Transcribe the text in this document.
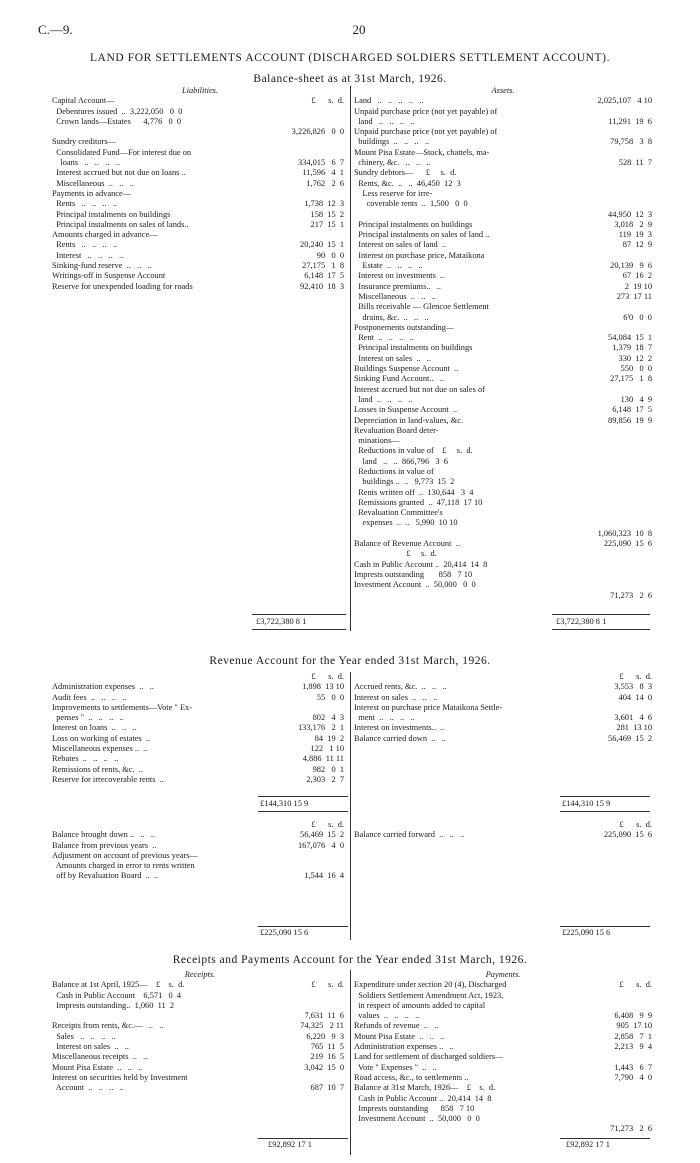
C.—9.	20
LAND FOR SETTLEMENTS ACCOUNT (DISCHARGED SOLDIERS SETTLEMENT ACCOUNT).
Balance-sheet as at 31st March, 1926.
Liabilities.
Capital Account—	£      s.  d.
Debentures issued  ..  3,222,050   0  0
Crown lands—Estates      4,776   0  0
3,226,826   0  0
Sundry creditors—
Consolidated Fund—For interest due on
loans   ..   ..   ..   ..	334,015   6  7
Interest accrued but not due on loans ..	11,596   4  1
Miscellaneous  ..   ..   ..	1,762   2  6
Payments in advance—
Rents   ..   ..   ..   ..	1,738  12  3
Principal instalments on buildings	158  15  2
Principal instalments on sales of lands..	217  15  1
Amounts charged in advance—
Rents   ..   ..   ..   ..	20,240  15  1
Interest   ..   ..   ..   ..	90   0  0
Sinking-fund reserve  ..   ..   ..	27,175   1  8
Writings-off in Suspense Account	6,148  17  5
Reserve for unexpended loading for roads	92,410  18  3
Assets.
Land   ..   ..   ..   ..   ..	2,025,107   4 10
Unpaid purchase price (not yet payable) of
land   ..   ..   ..   ..	11,291  19  6
Unpaid purchase price (not yet payable) of
buildings  ..   ..   ..   ..	79,758   3  8
Mount Pisa Estate—Stock, chattels, ma-
chinery, &c.   ..   ..   ..	528  11  7
Sundry debtors—      £     s.  d.
Rents, &c.  ..   ..  46,450  12  3
Less reserve for irre-
coverable rents  ..  1,500   0  0
44,950  12  3
Principal instalments on buildings	3,018   2  9
Principal instalments on sales of land ..	119  19  3
Interest on sales of land  ..	87  12  9
Interest on purchase price, Mataikona
Estate  ..   ..   ..   ..	20,139   9  6
Interest on investments  ..	67  16  2
Insurance premiums..   ..	2  19 10
Miscellaneous  ..   ..   ..	273  17 11
Bills receivable — Glencoe Settlement
drains, &c.  ..   ..   ..	6'0   0  0
Postponements outstanding—
Rent  ..   ..   ..   ..	54,084  15  1
Principal instalments on buildings	1,379  18  7
Interest on sales  ..   ..	330  12  2
Buildings Suspense Account  ..	550   0  0
Sinking Fund Account..   ..	27,175   1  8
Interest accrued but not due on sales of
land  ..   ..   ..   ..	130   4  9
Losses in Suspense Account  ..	6,148  17  5
Depreciation in land-values, &c.	89,856  19  9
Revaluation Board deter-
minations—
Reductions in value of    £     s.  d.
land   ..   ..  866,796   3  6
Reductions in value of
buildings ..  ..   9,773  15  2
Rents written off  ..  130,644   3  4
Remissions granted  ..  47,118  17 10
Revaluation Committee's
expenses  ..  ..   5,990  10 10
1,060,323  10  8
Balance of Revenue Account  ..	225,090  15  6
£     s.  d.
Cash in Public Account ..  20,414  14  8
Imprests outstanding       858   7 10
Investment Account  ..  50,000   0  0
71,273   2  6
£3,722,380 8 1	£3,722,380 8 1
Revenue Account for the Year ended 31st March, 1926.
£      s.  d.
Administration expenses  ..   ..	1,898  13 10
Audit fees  ..   ..   ..   ..	55   0  0
Improvements to settlements—Vote " Ex-
penses "  ..   ..   ..   ..	802   4  3
Interest on loans  ..   ..   ..	133,176   2  1
Loss on working of estates  ..	84  19  2
Miscellaneous expenses ..  ..	122   1 10
Rebates  ..   ..   ..   ..	4,886  11 11
Remissions of rents, &c.  ..	982   0  1
Reserve for irrecoverable rents  ..	2,303   2  7
£      s.  d.
Accrued rents, &c.  ..   ..   ..	3,553   8  3
Interest on sales  ..   ..   ..	404  14  0
Interest on purchase price Mataikona Settle-
ment  ..   ..   ..   ..	3,601   4  6
Interest on investments..  ..	281  13 10
Balance carried down  ..   ..	56,469  15  2
£144,310 15 9	£144,310 15 9
£      s.  d.
Balance brought down ..   ..   ..	56,469  15  2
Balance from previous years  ..	167,076   4  0
Adjustment on account of previous years—
Amounts charged in error to rents written
off by Revaluation Board  ..  ..	1,544  16  4
£      s.  d.
Balance carried forward  ..   ..   ..	225,090  15  6
£225,090 15 6	£225,090 15 6
Receipts and Payments Account for the Year ended 31st March, 1926.
Receipts.
Balance at 1st April, 1925—    £    s.  d.	£      s.  d.
Cash in Public Account    6,571   0  4
Imprests outstanding..  1,060  11  2
7,631  11  6
Receipts from rents, &c.—   ..   ..	74,325   2 11
Sales   ..   ..   ..   ..	6,220   9  3
Interest on sales  ..   ..	765  11  5
Miscellaneous receipts  ..   ..	219  16  5
Mount Pisa Estate  ..   ..   ..	3,042  15  0
Interest on securities held by Investment
Account  ..   ..   ..   ..	687  10  7
Payments.
Expenditure under section 20 (4), Discharged	£      s.  d.
Soldiers Settlement Amendment Act, 1923,
in respect of amounts added to capital
values  ..   ..   ..   ..	6,408   9  9
Refunds of revenue  ..   ..	905  17 10
Mount Pisa Estate  ..   ..   ..	2,858   7  1
Administration expenses ..   ..	2,213   9  4
Land for settlement of discharged soldiers—
Vote " Expenses "  ..   ..	1,443   6  7
Road access, &c., to settlements ..	7,790   4  0
Balance at 31st March, 1926—    £    s.  d.
Cash in Public Account ..  20,414  14  8
Imprests outstanding      858   7 10
Investment Account  ..  50,000   0  0
71,273   2  6
£92,892 17 1	£92,892 17 1
